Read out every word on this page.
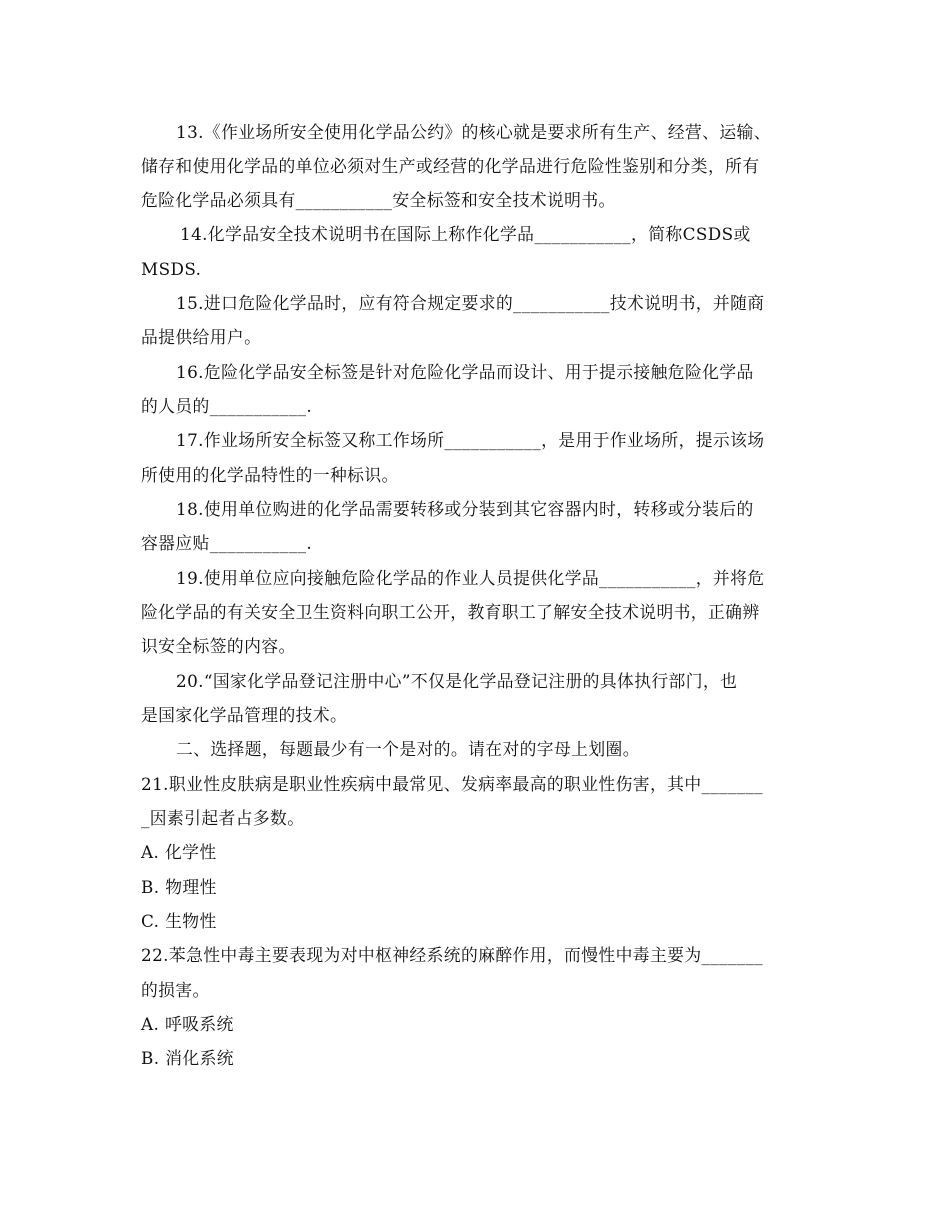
13.《作业场所安全使用化学品公约》的核心就是要求所有生产、经营、运输、
储存和使用化学品的单位必须对生产或经营的化学品进行危险性鉴别和分类，所有
危险化学品必须具有___________安全标签和安全技术说明书。
14.化学品安全技术说明书在国际上称作化学品___________，简称CSDS或
MSDS.
15.进口危险化学品时，应有符合规定要求的___________技术说明书，并随商
品提供给用户。
16.危险化学品安全标签是针对危险化学品而设计、用于提示接触危险化学品
的人员的___________.
17.作业场所安全标签又称工作场所___________，是用于作业场所，提示该场
所使用的化学品特性的一种标识。
18.使用单位购进的化学品需要转移或分装到其它容器内时，转移或分装后的
容器应贴___________.
19.使用单位应向接触危险化学品的作业人员提供化学品___________，并将危
险化学品的有关安全卫生资料向职工公开，教育职工了解安全技术说明书，正确辨
识安全标签的内容。
20.“国家化学品登记注册中心”不仅是化学品登记注册的具体执行部门，也
是国家化学品管理的技术。
二、选择题，每题最少有一个是对的。请在对的字母上划圈。
21.职业性皮肤病是职业性疾病中最常见、发病率最高的职业性伤害，其中_______
_因素引起者占多数。
A. 化学性
B. 物理性
C. 生物性
22.苯急性中毒主要表现为对中枢神经系统的麻醉作用，而慢性中毒主要为_______
的损害。
A. 呼吸系统
B. 消化系统
